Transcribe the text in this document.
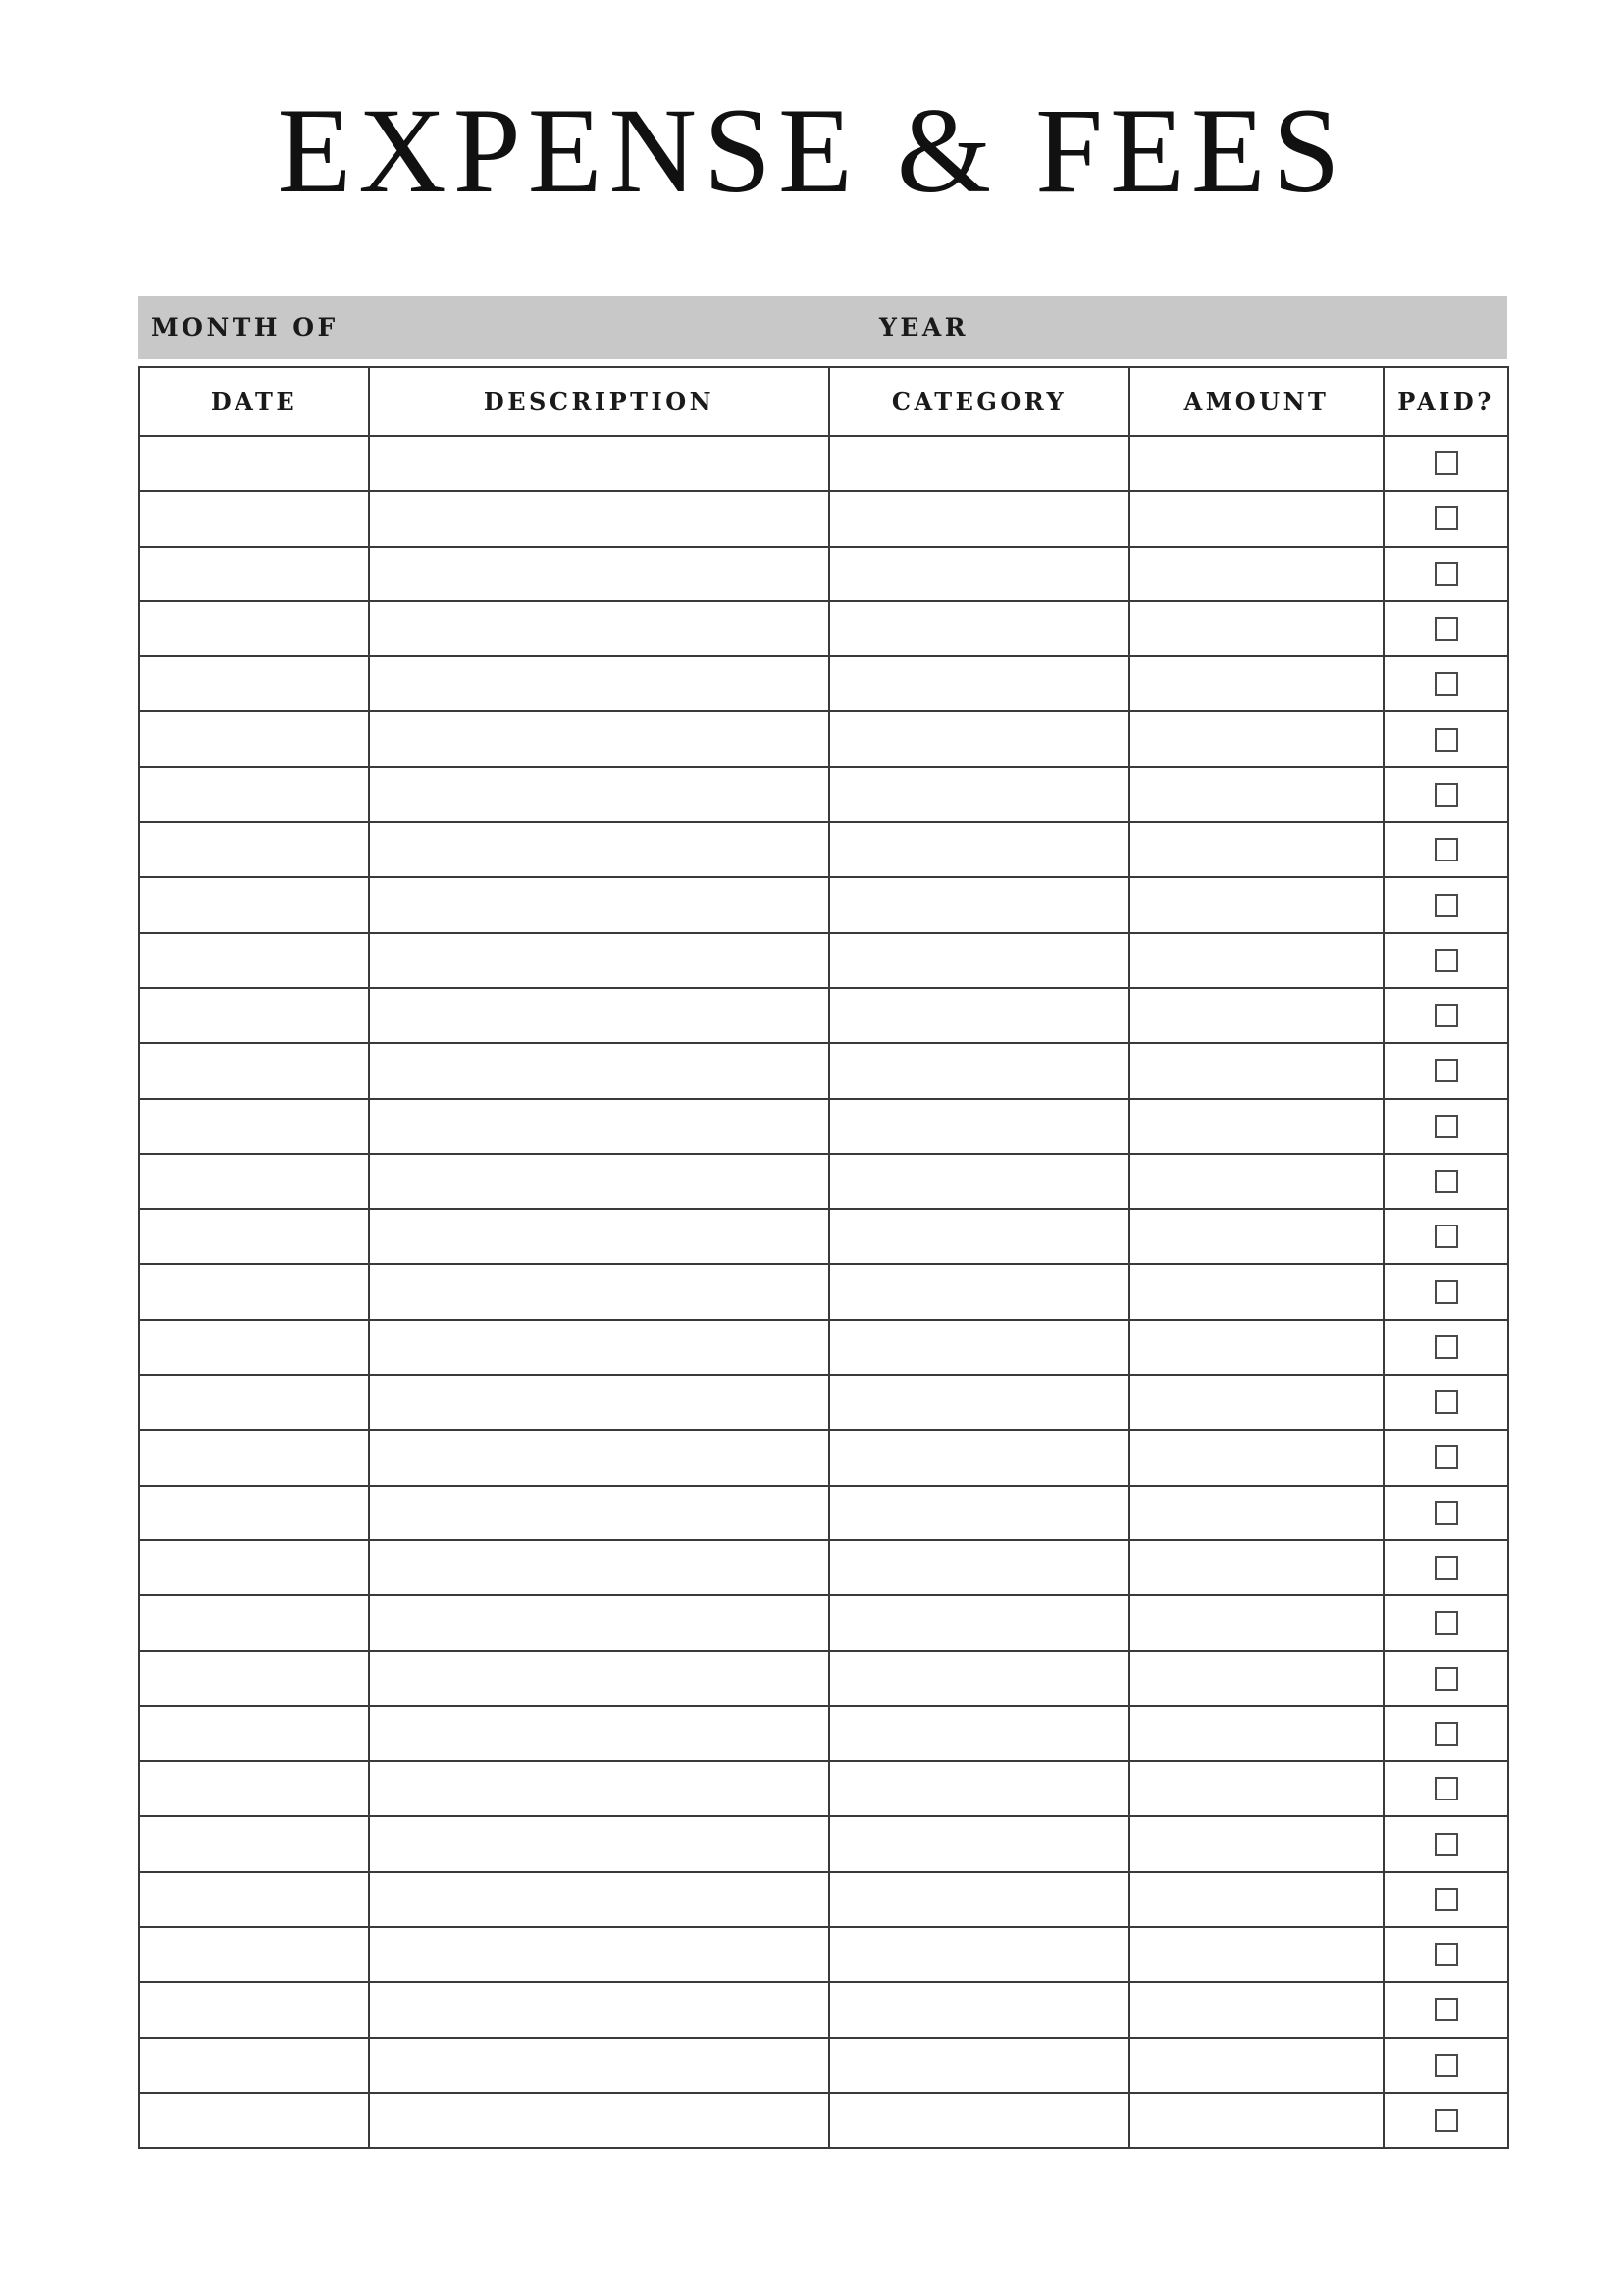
EXPENSE & FEES
MONTH OF	YEAR
DATE	DESCRIPTION	CATEGORY	AMOUNT	PAID?
